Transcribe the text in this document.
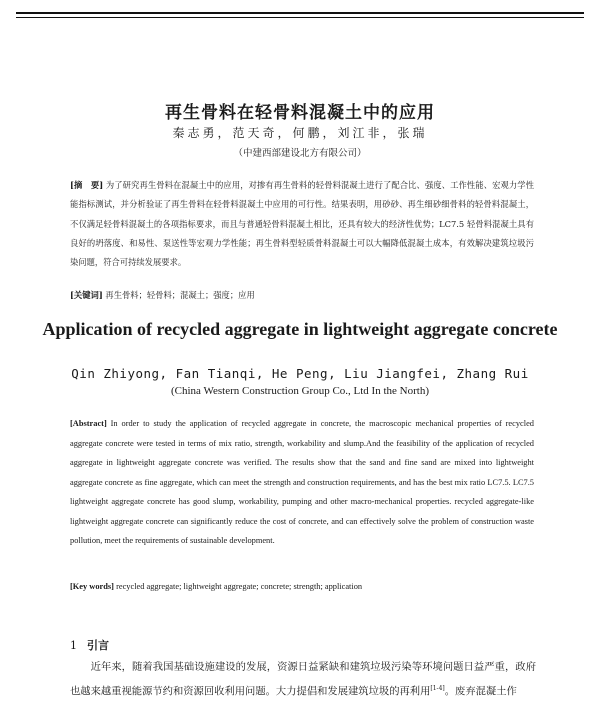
再生骨料在轻骨料混凝土中的应用
秦志勇，范天奇，何鹏，刘江非，张瑞
（中建西部建设北方有限公司）
[摘　要] 为了研究再生骨料在混凝土中的应用，对掺有再生骨料的轻骨料混凝土进行了配合比、强度、工作性能、宏观力学性能指标测试，并分析验证了再生骨料在轻骨料混凝土中应用的可行性。结果表明，用砂砂、再生细砂细骨料的轻骨料混凝土，不仅满足轻骨料混凝土的各项指标要求，而且与普通轻骨料混凝土相比，还具有较大的经济性优势；LC7.5 轻骨料混凝土具有良好的坍落度、和易性、泵送性等宏观力学性能；再生骨料型轻质骨料混凝土可以大幅降低混凝土成本，有效解决建筑垃圾污染问题，符合可持续发展要求。
[关键词] 再生骨料；轻骨料；混凝土；强度；应用
Application of recycled aggregate in lightweight aggregate concrete
Qin Zhiyong, Fan Tianqi, He Peng, Liu Jiangfei, Zhang Rui
(China Western Construction Group Co., Ltd In the North)
[Abstract] In order to study the application of recycled aggregate in concrete, the macroscopic mechanical properties of recycled aggregate concrete were tested in terms of mix ratio, strength, workability and slump.And the feasibility of the application of recycled aggregate in lightweight aggregate concrete was verified. The results show that the sand and fine sand are mixed into lightweight aggregate concrete as fine aggregate, which can meet the strength and construction requirements, and has the best mix ratio LC7.5. LC7.5 lightweight aggregate concrete has good slump, workability, pumping and other macro-mechanical properties. recycled aggregate-like lightweight aggregate concrete can significantly reduce the cost of concrete, and can effectively solve the problem of construction waste pollution, meet the requirements of sustainable development.
[Key words] recycled aggregate; lightweight aggregate; concrete; strength; application
1 引言
近年来，随着我国基础设施建设的发展，资源日益紧缺和建筑垃圾污染等环境问题日益严重，政府也越来越重视能源节约和资源回收利用问题。大力提倡和发展建筑垃圾的再利用[1-4]。废弃混凝土作
